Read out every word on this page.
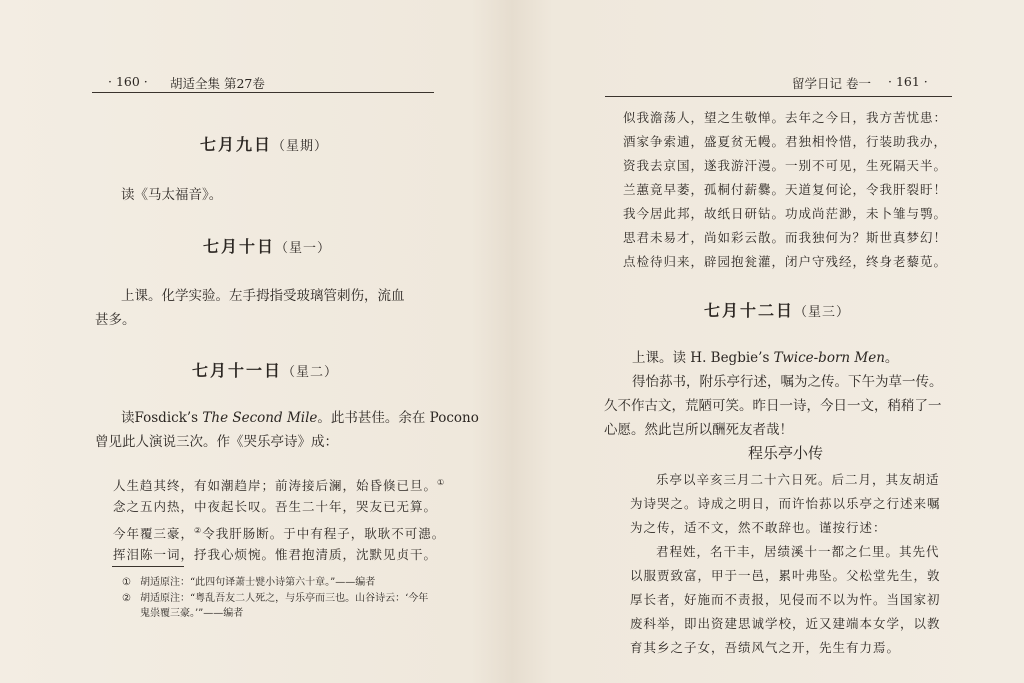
· 160 · 胡适全集 第27卷
七月九日（星期）
读《马太福音》。
七月十日（星一）
上课。化学实验。左手拇指受玻璃管刺伤，流血
甚多。
七月十一日（星二）
读Fosdick’s The Second Mile。此书甚佳。余在 Pocono
曾见此人演说三次。作《哭乐亭诗》成：
人生趋其终，有如潮趋岸；前涛接后澜，始昏倏已旦。①
念之五内热，中夜起长叹。吾生二十年，哭友已无算。
今年覆三豪，②令我肝肠断。于中有程子，耿耿不可漶。
挥泪陈一词，抒我心烦惋。惟君抱清质，沈默见贞干。
① 胡适原注：“此四句译萧士甓小诗第六十章。”——编者
② 胡适原注：“粤乱吾友二人死之，与乐亭而三也。山谷诗云：‘今年
鬼祟覆三豪。’”——编者
留学日记 卷一 · 161 ·
似我澹荡人，望之生敬惮。去年之今日，我方苦忧患：
酒家争索逋，盛夏贫无幔。君独相怜惜，行装助我办，
资我去京国，遂我游汗漫。一别不可见，生死隔天半。
兰蕙竟早萎，孤桐付薪爨。天道复何论，令我肝裂盱！
我今居此邦，故纸日研钻。功成尚茫渺，未卜雏与鹗。
思君未易才，尚如彩云散。而我独何为？斯世真梦幻！
点检待归来，辟园抱瓮灌，闭户守残经，终身老藜苋。
七月十二日（星三）
上课。读 H. Begbie’s Twice-born Men。
得怡荪书，附乐亭行述，嘱为之传。下午为草一传。
久不作古文，荒陋可笑。昨日一诗，今日一文，稍稍了一
心愿。然此岂所以酬死友者哉！
程乐亭小传
乐亭以辛亥三月二十六日死。后二月，其友胡适
为诗哭之。诗成之明日，而许怡荪以乐亭之行述来嘱
为之传，适不文，然不敢辞也。谨按行述：
君程姓，名干丰，居绩溪十一都之仁里。其先代
以服贾致富，甲于一邑，累叶弗坠。父松堂先生，敦
厚长者，好施而不责报，见侵而不以为忤。当国家初
废科举，即出资建思诚学校，近又建端本女学，以教
育其乡之子女，吾绩风气之开，先生有力焉。
